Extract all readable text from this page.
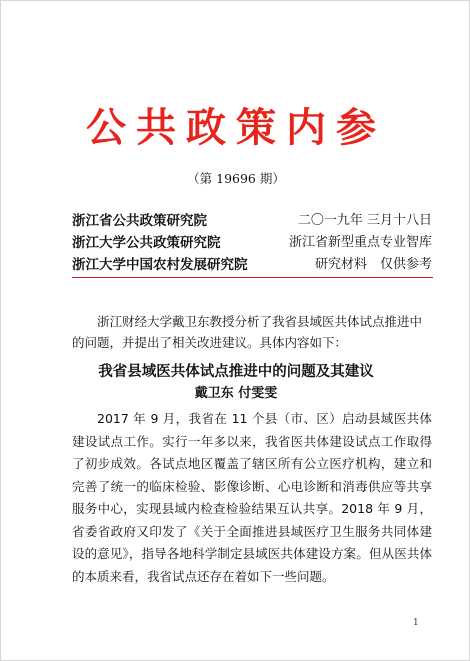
公共政策内参
（第 19696 期）
浙江省公共政策研究院	二〇一九年 三月十八日
浙江大学公共政策研究院	浙江省新型重点专业智库
浙江大学中国农村发展研究院	研究材料　仅供参考
浙江财经大学戴卫东教授分析了我省县域医共体试点推进中的问题，并提出了相关改进建议。具体内容如下：
我省县域医共体试点推进中的问题及其建议
戴卫东 付雯雯
2017 年 9 月，我省在 11 个县（市、区）启动县域医共体建设试点工作。实行一年多以来，我省医共体建设试点工作取得了初步成效。各试点地区覆盖了辖区所有公立医疗机构，建立和完善了统一的临床检验、影像诊断、心电诊断和消毒供应等共享服务中心，实现县域内检查检验结果互认共享。2018 年 9 月，省委省政府又印发了《关于全面推进县域医疗卫生服务共同体建设的意见》，指导各地科学制定县域医共体建设方案。但从医共体的本质来看，我省试点还存在着如下一些问题。
1
